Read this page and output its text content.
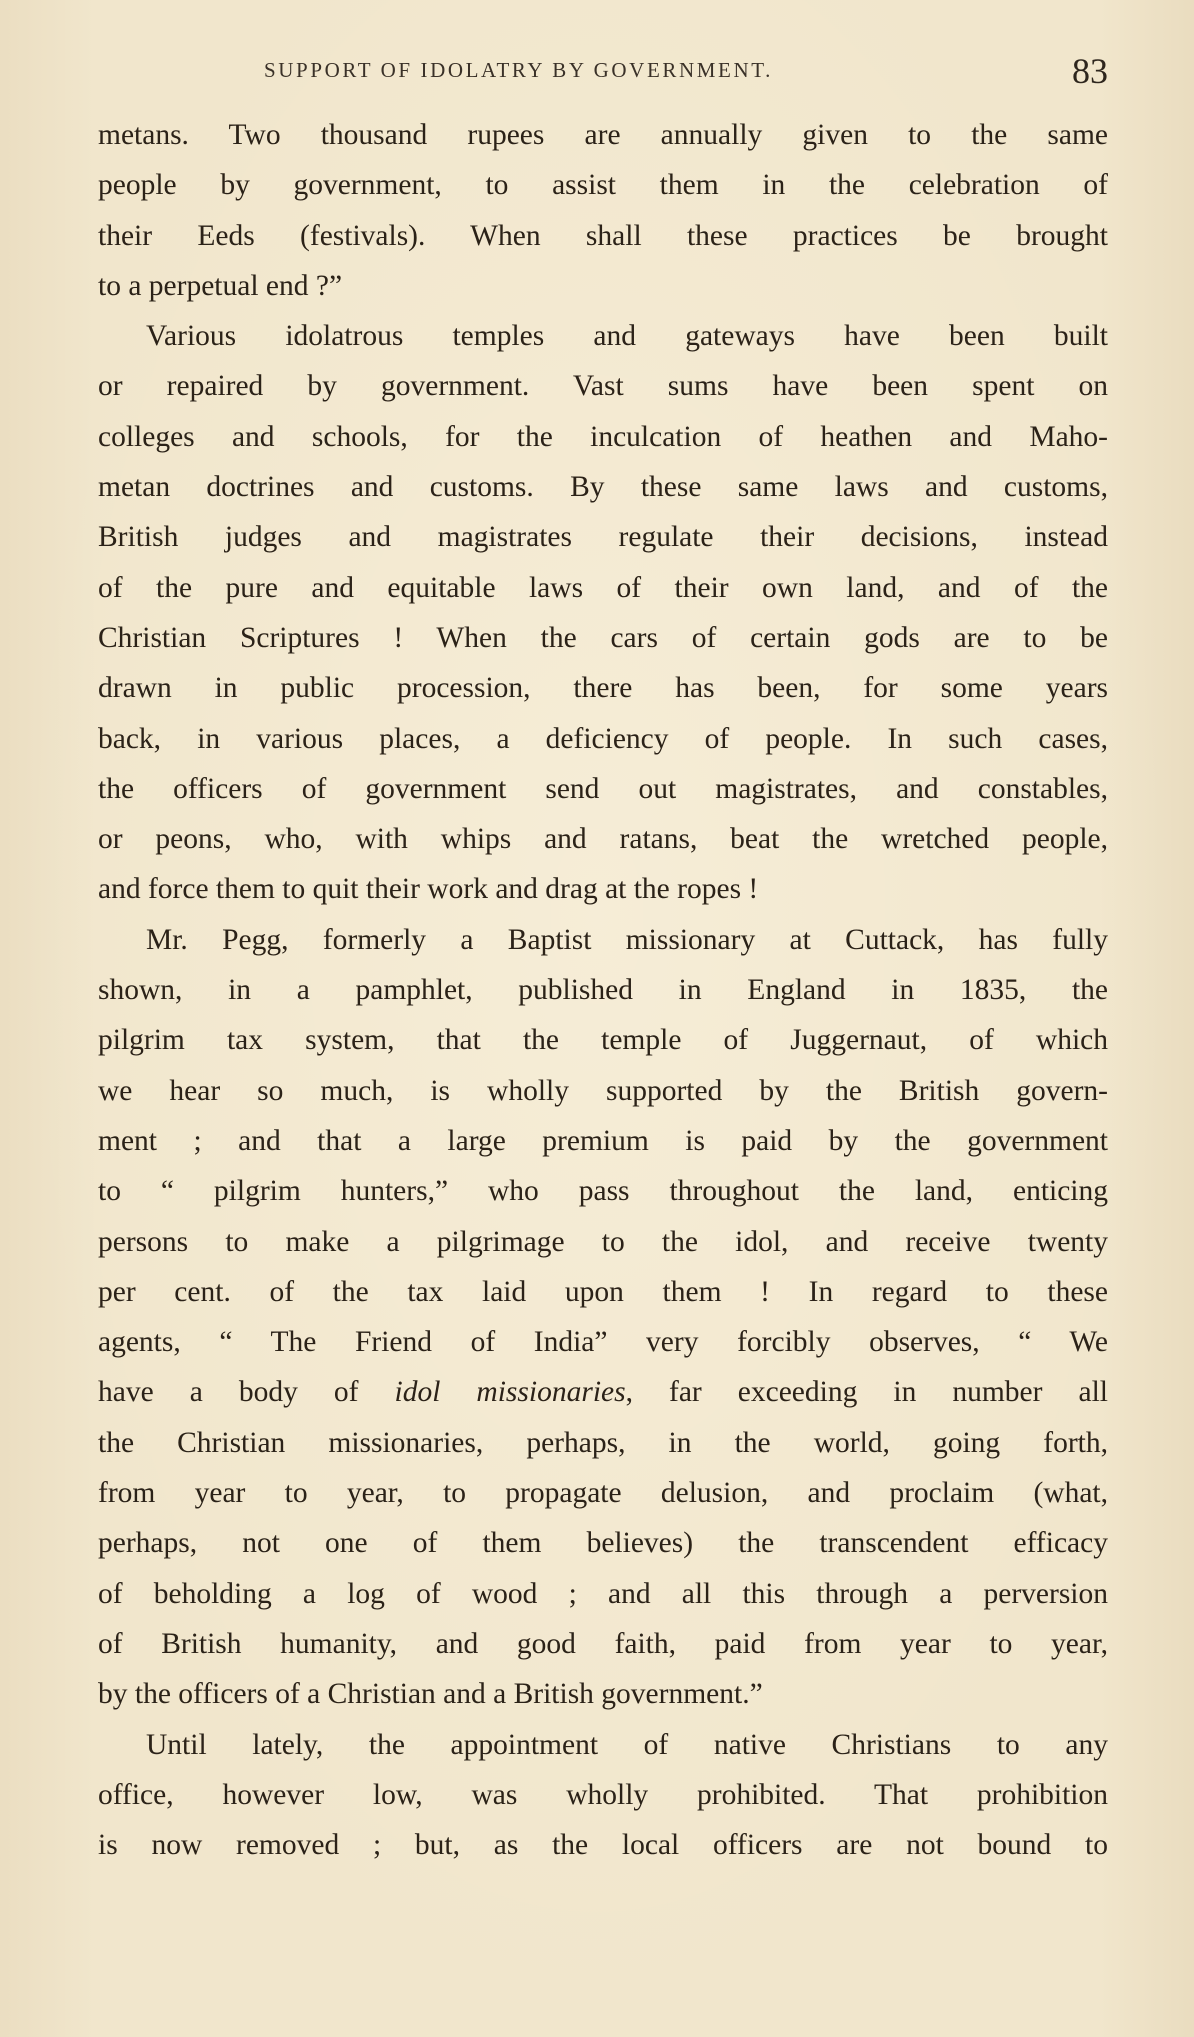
SUPPORT OF IDOLATRY BY GOVERNMENT.	83
metans. Two thousand rupees are annually given to the same
people by government, to assist them in the celebration of
their Eeds (festivals). When shall these practices be brought
to a perpetual end ?”
Various idolatrous temples and gateways have been built
or repaired by government. Vast sums have been spent on
colleges and schools, for the inculcation of heathen and Maho-
metan doctrines and customs. By these same laws and customs,
British judges and magistrates regulate their decisions, instead
of the pure and equitable laws of their own land, and of the
Christian Scriptures ! When the cars of certain gods are to be
drawn in public procession, there has been, for some years
back, in various places, a deficiency of people. In such cases,
the officers of government send out magistrates, and constables,
or peons, who, with whips and ratans, beat the wretched people,
and force them to quit their work and drag at the ropes !
Mr. Pegg, formerly a Baptist missionary at Cuttack, has fully
shown, in a pamphlet, published in England in 1835, the
pilgrim tax system, that the temple of Juggernaut, of which
we hear so much, is wholly supported by the British govern-
ment ; and that a large premium is paid by the government
to “ pilgrim hunters,” who pass throughout the land, enticing
persons to make a pilgrimage to the idol, and receive twenty
per cent. of the tax laid upon them ! In regard to these
agents, “ The Friend of India” very forcibly observes, “ We
have a body of idol missionaries, far exceeding in number all
the Christian missionaries, perhaps, in the world, going forth,
from year to year, to propagate delusion, and proclaim (what,
perhaps, not one of them believes) the transcendent efficacy
of beholding a log of wood ; and all this through a perversion
of British humanity, and good faith, paid from year to year,
by the officers of a Christian and a British government.”
Until lately, the appointment of native Christians to any
office, however low, was wholly prohibited. That prohibition
is now removed ; but, as the local officers are not bound to
